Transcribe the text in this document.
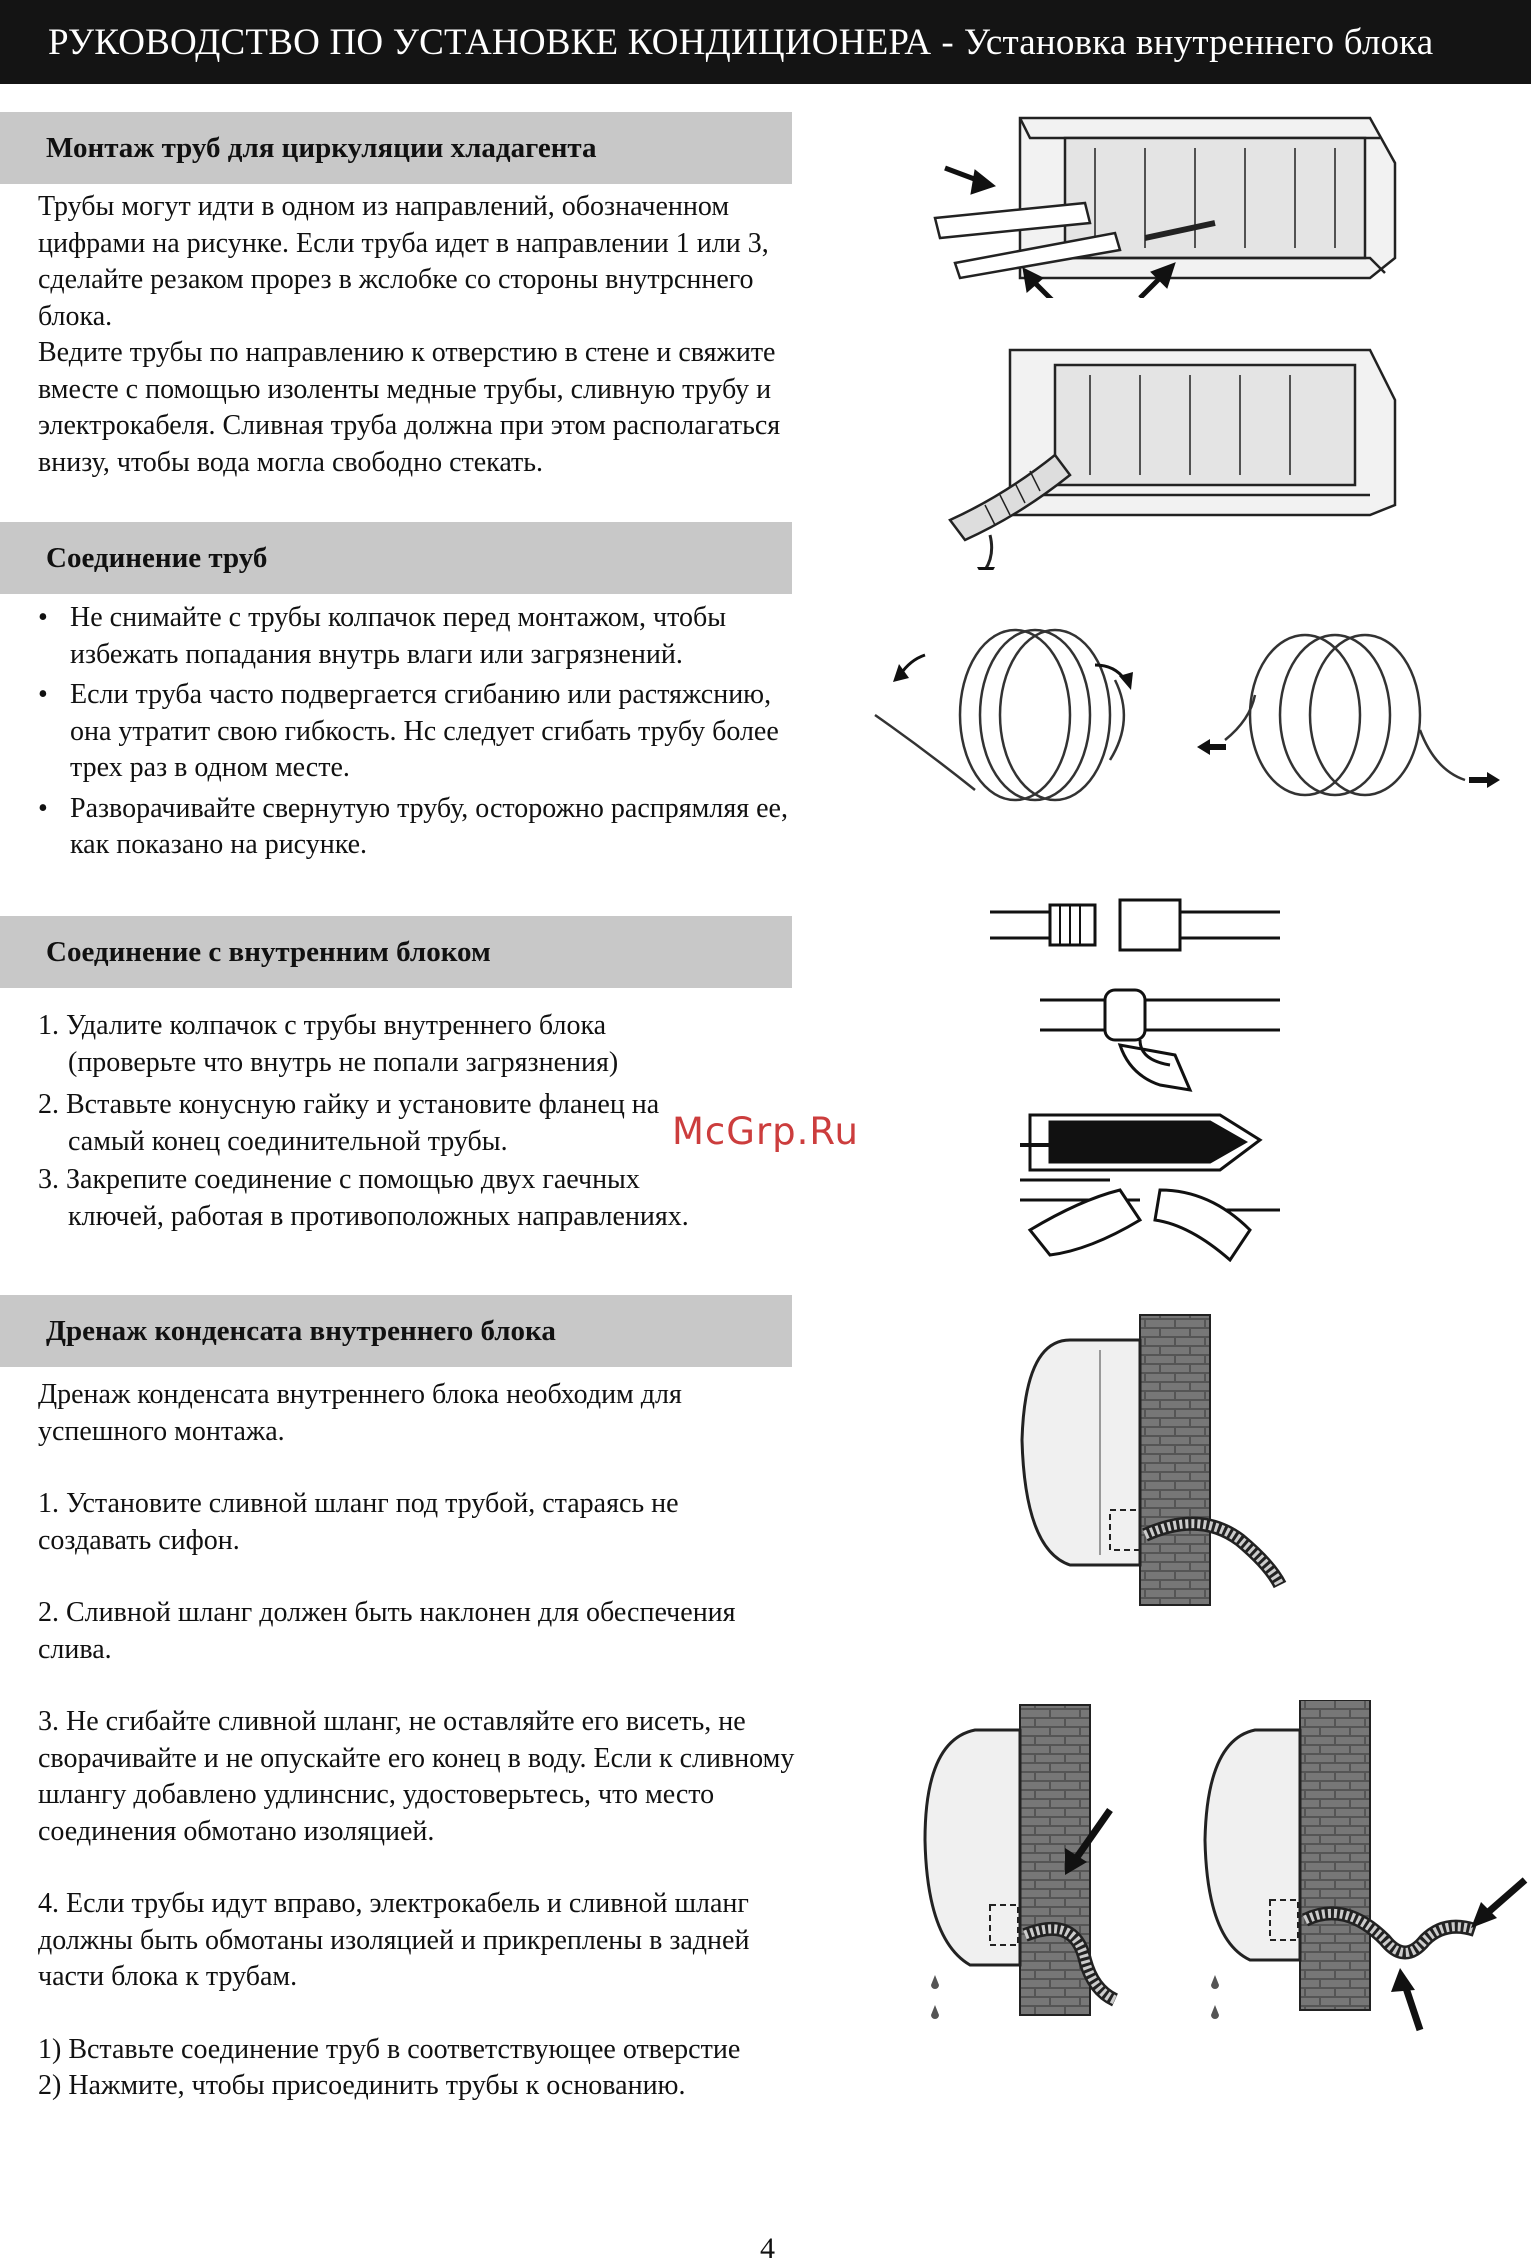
РУКОВОДСТВО ПО УСТАНОВКЕ КОНДИЦИОНЕРА - Установка внутреннего блока
Монтаж труб для циркуляции хладагента

Трубы могут идти в одном из направлений, обозначенном цифрами на рисунке. Если труба идет в направлении 1 или 3, сделайте резаком прорез в жслобке со стороны внутрсннего блока.

Ведите трубы по направлению к отверстию в стене и свяжите вместе с помощью изоленты медные трубы, сливную трубу и электрокабеля. Сливная труба должна при этом располагаться внизу, чтобы вода могла свободно стекать.

Соединение труб
• Не снимайте с трубы колпачок перед монтажом, чтобы избежать попадания внутрь влаги или загрязнений.
• Если труба часто подвергается сгибанию или растяжснию, она утратит свою гибкость. Нс следует сгибать трубу более трех раз в одном месте.
• Разворачивайте свернутую трубу, осторожно распрямляя ее, как показано на рисунке.
Соединение с внутренним блоком
1. Удалите колпачок с трубы внутреннего блока
(проверьте что внутрь не попали загрязнения)
2. Вставьте конусную гайку и установите фланец на
самый конец соединительной трубы.
3. Закрепите соединение с помощью двух гаечных
ключей, работая в противоположных направлениях.
Дренаж конденсата внутреннего блока

Дренаж конденсата внутреннего блока необходим для успешного монтажа.

1. Установите сливной шланг под трубой, стараясь не создавать сифон.

2. Сливной шланг должен быть наклонен для обеспечения слива.

3. Не сгибайте сливной шланг, не оставляйте его висеть, не сворачивайте и не опускайте его конец в воду. Если к сливному шлангу добавлено удлинснис, удостоверьтесь, что место соединения обмотано изоляцией.

4. Если трубы идут вправо, электрокабель и сливной шланг должны быть обмотаны изоляцией и прикреплены в задней части блока к трубам.

1) Вставьте соединение труб в соответствующее отверстие

2) Нажмите, чтобы присоединить трубы к основанию.

McGrp.Ru
4
